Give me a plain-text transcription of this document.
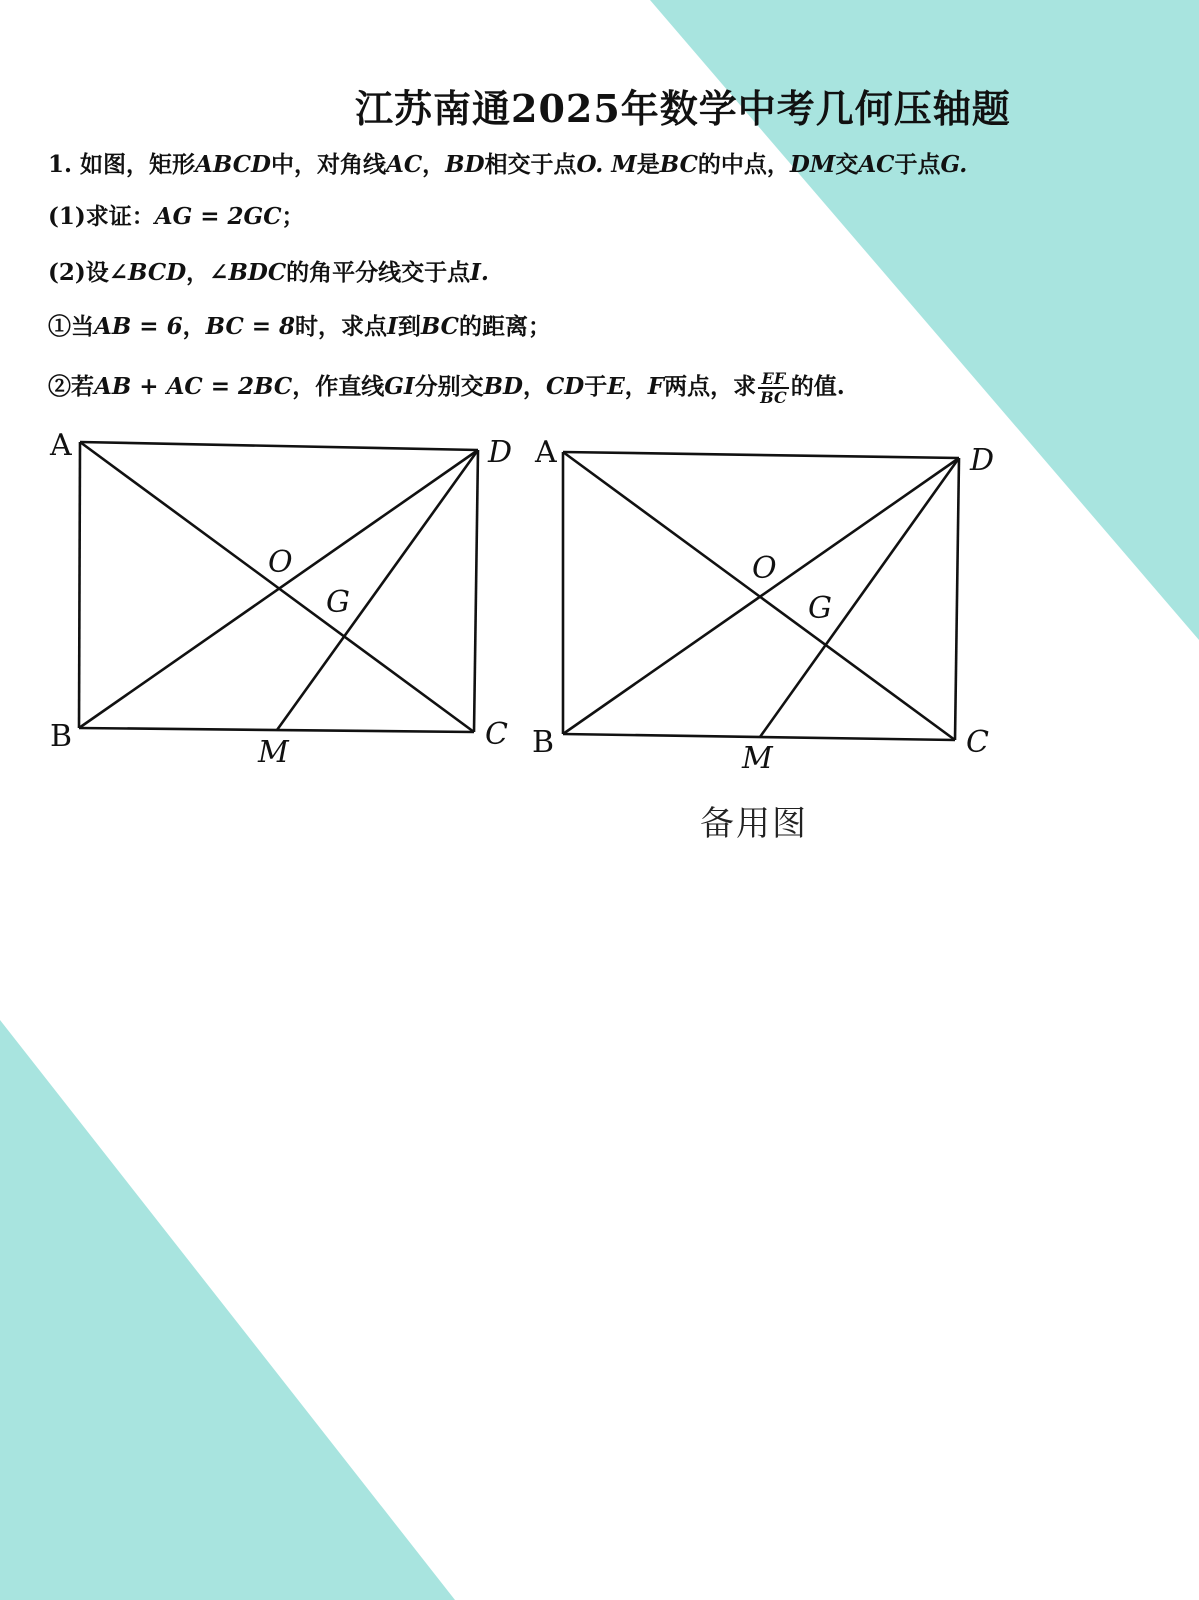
江苏南通2025年数学中考几何压轴题
1. 如图，矩形ABCD中，对角线AC，BD相交于点O. M是BC的中点，DM交AC于点G.
(1)求证：AG = 2GC；
(2)设∠BCD，∠BDC的角平分线交于点I.
①当AB = 6，BC = 8时，求点I到BC的距离；
②若AB + AC = 2BC，作直线GI分别交BD，CD于E，F两点，求 $\frac{EF}{BC}$ 的值.
A	D
O
G
B	C
M
A	D
O
G
B	C
M
备用图
